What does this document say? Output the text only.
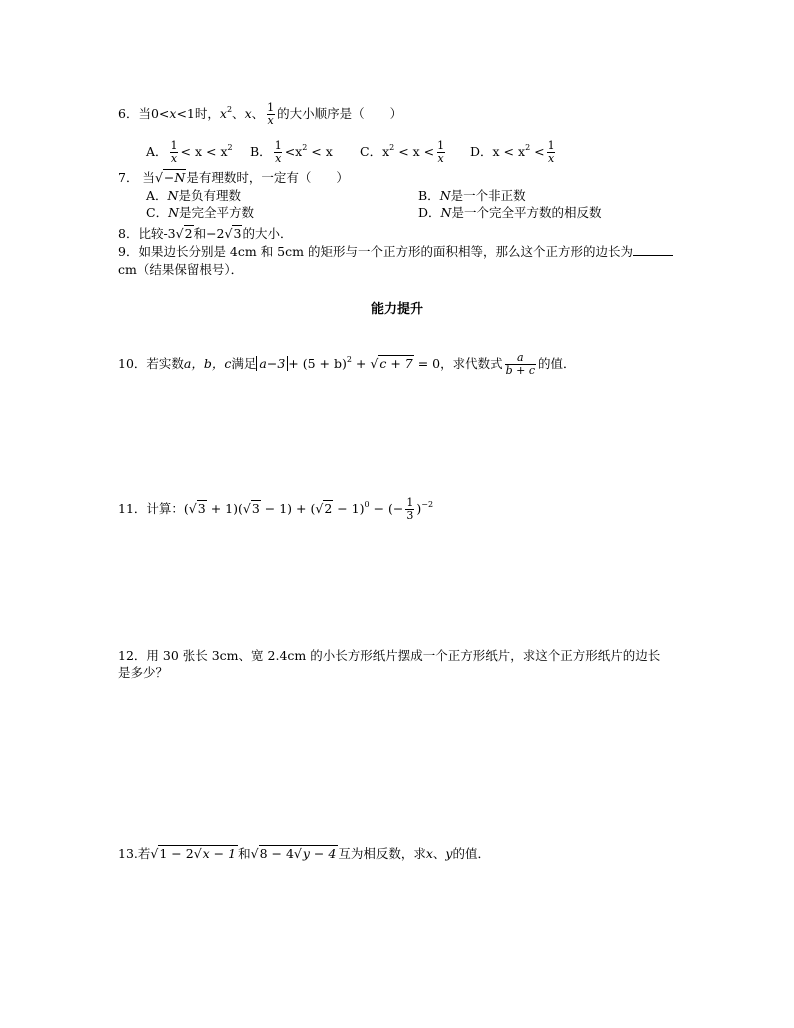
6．当0<x<1时，$x^2$、x、 $\frac{1}{x}$ 的大小顺序是（　　）
A． $\frac{1}{x} < x < x^2$ B． $\frac{1}{x} <x^2 < x$ C．$x^2 < x < \frac{1}{x}$ D．$x < x^2 < \frac{1}{x}$
7． 当√−N是有理数时，一定有（　　）
A．N是负有理数	B．N是一个非正数
C．N是完全平方数	D．N是一个完全平方数的相反数
8．比较-3√2和−2√3的大小．
9．如果边长分别是 4cm 和 5cm 的矩形与一个正方形的面积相等，那么这个正方形的边长为
cm（结果保留根号）．
能力提升
10．若实数a，b，c满足 $a-3 + (5 + b)^2 + √c + 7 = 0$，求代数式 $\frac{a}{b + c}$ 的值．
11．计算：$(√3 + 1)(√3 - 1) + (√2 - 1)^0$ − (− $\frac{1}{3} )^{-2}$
12．用 30 张长 3cm、宽 2.4cm 的小长方形纸片摆成一个正方形纸片，求这个正方形纸片的边长
是多少？
13.若√1 − 2√x − 1 和√8 − 4√y − 4 互为相反数，求x、y的值．
